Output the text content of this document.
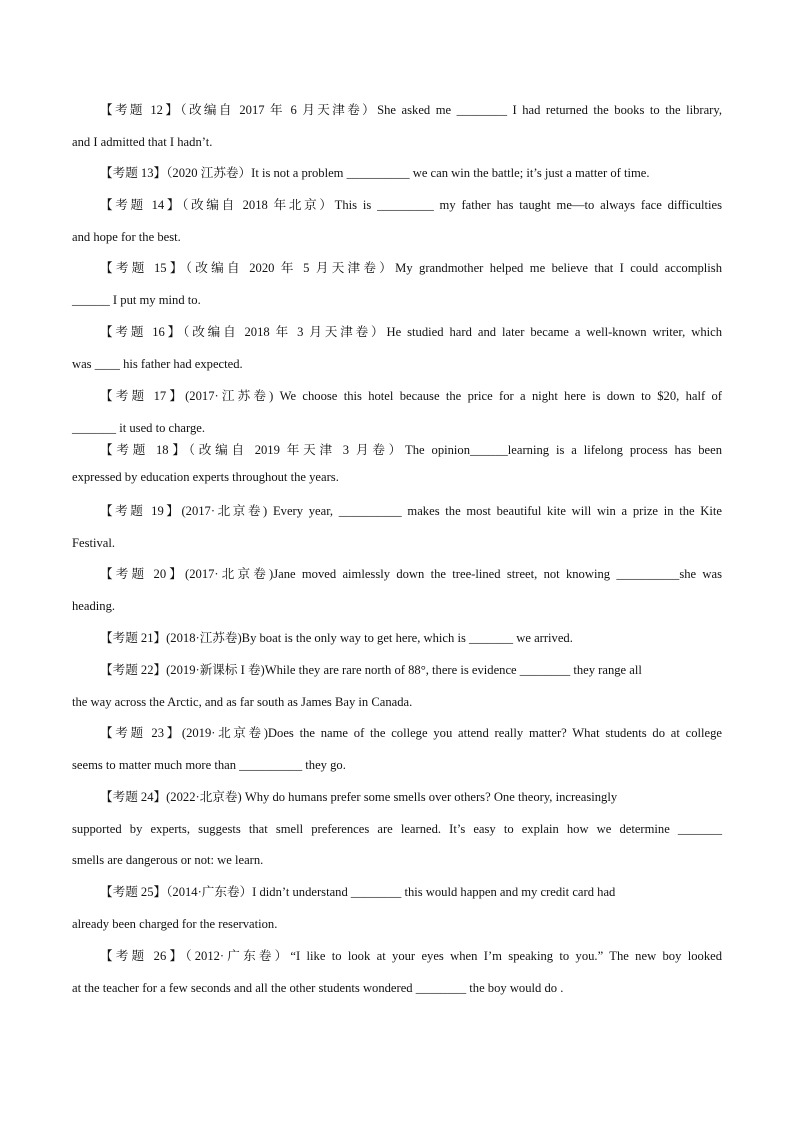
【考题 12】（改编自 2017 年 6 月天津卷）She asked me ________ I had returned the books to the library,
and I admitted that I hadn’t.

【考题 13】（2020 江苏卷）It is not a problem __________ we can win the battle; it’s just a matter of time.

【考题 14】（改编自 2018 年北京）This is _________ my father has taught me—to always face difficulties
and hope for the best.

【考题 15】（改编自 2020 年 5 月天津卷）My grandmother helped me believe that I could accomplish
______ I put my mind to.

【考题 16】（改编自 2018 年 3 月天津卷）He studied hard and later became a well-known writer, which
was ____ his father had expected.

【考题 17】(2017·江苏卷) We choose this hotel because the price for a night here is down to $20, half of
_______ it used to charge.

【考题 18】（改编自 2019 年天津 3 月卷）The opinion______learning is a lifelong process has been
expressed by education experts throughout the years.

【考题 19】(2017·北京卷) Every year, __________ makes the most beautiful kite will win a prize in the Kite
Festival.

【考题 20】(2017·北京卷)Jane moved aimlessly down the tree-lined street, not knowing __________she was
heading.

【考题 21】(2018·江苏卷)By boat is the only way to get here, which is _______ we arrived.

【考题 22】(2019·新课标 I 卷)While they are rare north of 88°, there is evidence ________ they range all
the way across the Arctic, and as far south as James Bay in Canada.

【考题 23】(2019·北京卷)Does the name of the college you attend really matter? What students do at college
seems to matter much more than __________ they go.

【考题 24】(2022·北京卷) Why do humans prefer some smells over others? One theory, increasingly
supported by experts, suggests that smell preferences are learned. It’s easy to explain how we determine _______
smells are dangerous or not: we learn.

【考题 25】（2014·广东卷）I didn’t understand ________ this would happen and my credit card had
already been charged for the reservation.

【考题 26】（2012·广东卷）“I like to look at your eyes when I’m speaking to you.” The new boy looked
at the teacher for a few seconds and all the other students wondered ________ the boy would do .
